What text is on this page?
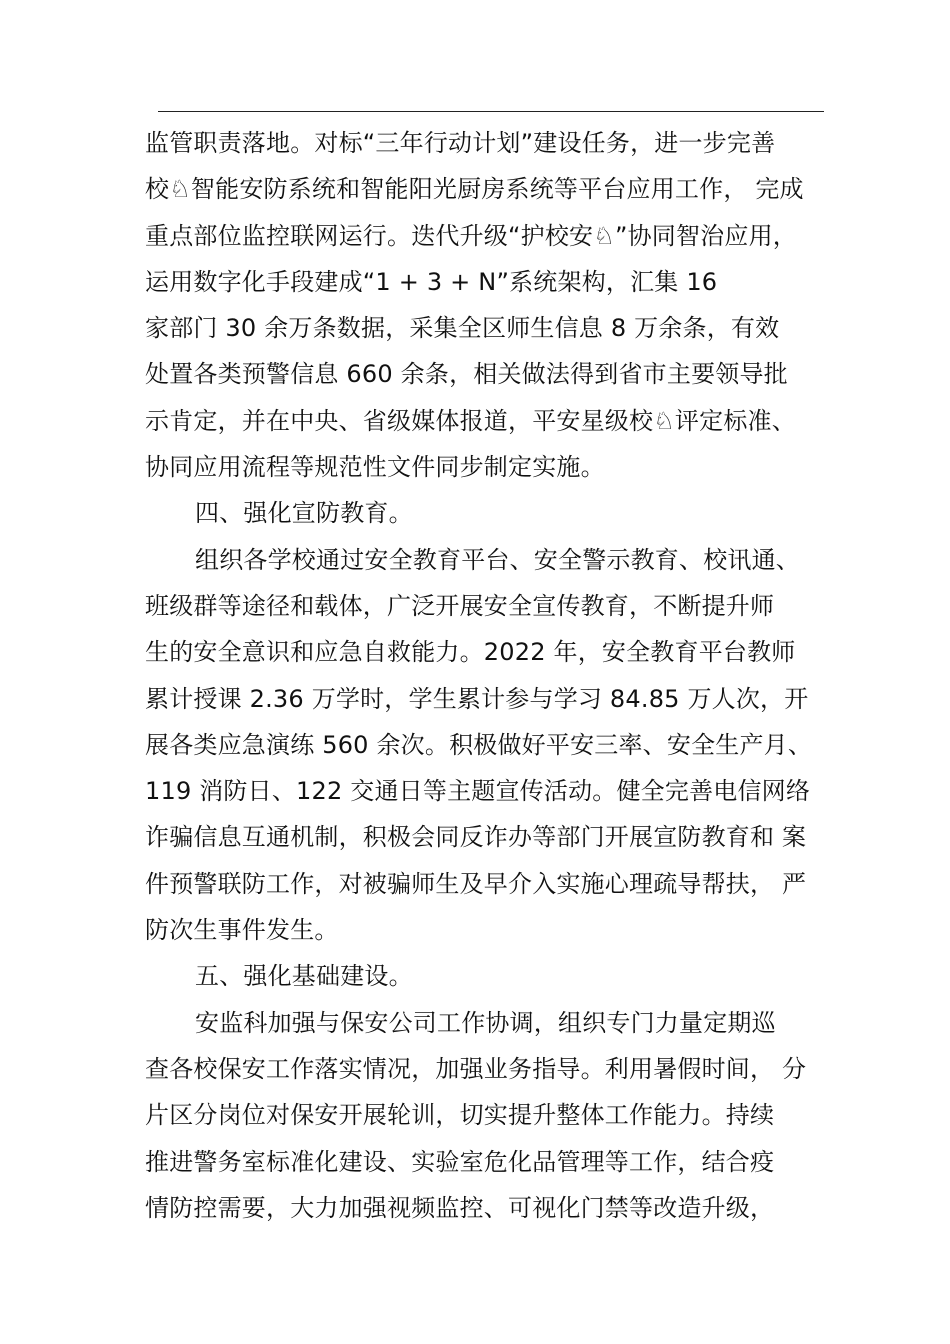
监管职责落地。对标“三年行动计划”建设任务，进一步完善
校♘智能安防系统和智能阳光厨房系统等平台应用工作， 完成
重点部位监控联网运行。迭代升级“护校安♘”协同智治应用，
运用数字化手段建成“1 + 3 + N”系统架构，汇集 16
家部门 30 余万条数据，采集全区师生信息 8 万余条，有效
处置各类预警信息 660 余条，相关做法得到省市主要领导批
示肯定，并在中央、省级媒体报道，平安星级校♘评定标准、
协同应用流程等规范性文件同步制定实施。
四、强化宣防教育。
组织各学校通过安全教育平台、安全警示教育、校讯通、
班级群等途径和载体，广泛开展安全宣传教育，不断提升师
生的安全意识和应急自救能力。2022 年，安全教育平台教师
累计授课 2.36 万学时，学生累计参与学习 84.85 万人次，开
展各类应急演练 560 余次。积极做好平安三率、安全生产月、
119 消防日、122 交通日等主题宣传活动。健全完善电信网络
诈骗信息互通机制，积极会同反诈办等部门开展宣防教育和 案
件预警联防工作，对被骗师生及早介入实施心理疏导帮扶， 严
防次生事件发生。
五、强化基础建设。
安监科加强与保安公司工作协调，组织专门力量定期巡
查各校保安工作落实情况，加强业务指导。利用暑假时间， 分
片区分岗位对保安开展轮训，切实提升整体工作能力。持续
推进警务室标准化建设、实验室危化品管理等工作，结合疫
情防控需要，大力加强视频监控、可视化门禁等改造升级，
